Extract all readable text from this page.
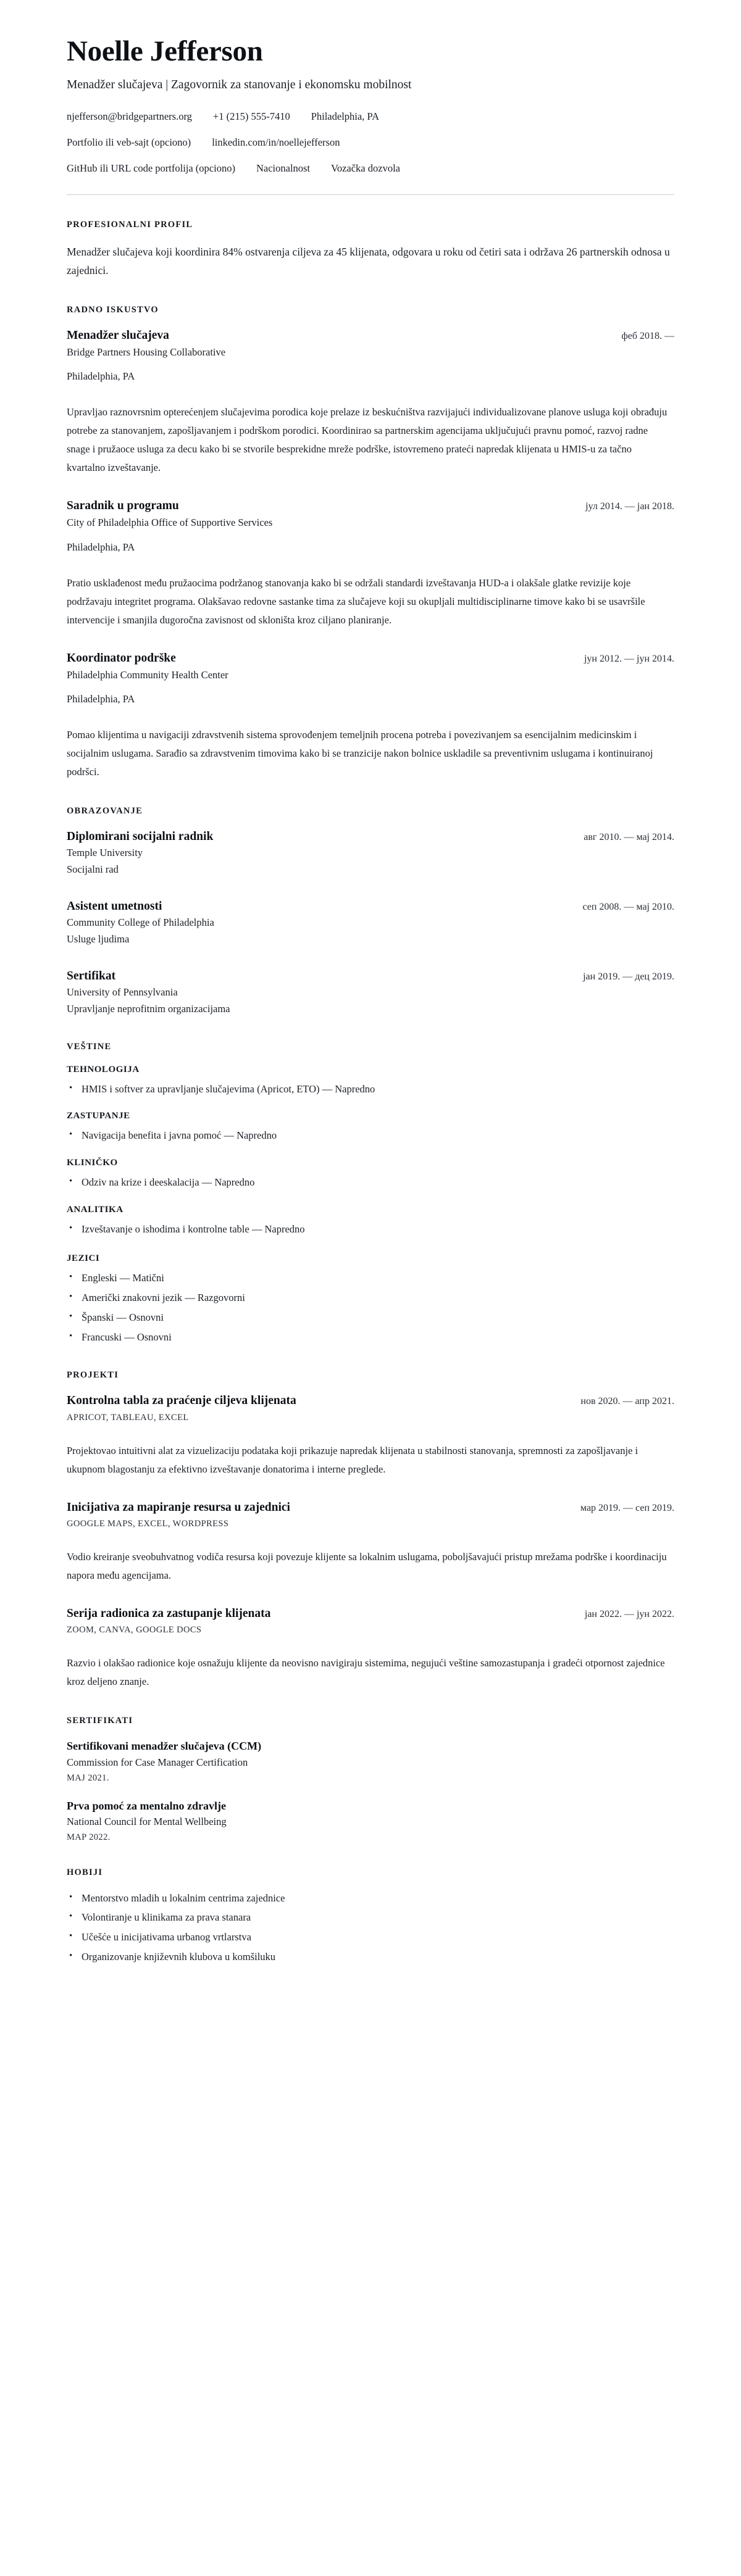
Noelle Jefferson

Menadžer slučajeva | Zagovornik za stanovanje i ekonomsku mobilnost

njefferson@bridgepartners.org +1 (215) 555-7410 Philadelphia, PA
Portfolio ili veb-sajt (opciono) linkedin.com/in/noellejefferson
GitHub ili URL code portfolija (opciono) Nacionalnost Vozačka dozvola
PROFESIONALNI PROFIL

Menadžer slučajeva koji koordinira 84% ostvarenja ciljeva za 45 klijenata, odgovara u roku od četiri sata i održava 26 partnerskih odnosa u zajednici.

RADNO ISKUSTVO
Menadžer slučajeva	феб 2018. —

Bridge Partners Housing Collaborative

Philadelphia, PA

Upravljao raznovrsnim opterećenjem slučajevima porodica koje prelaze iz beskućništva razvijajući individualizovane planove usluga koji obrađuju potrebe za stanovanjem, zapošljavanjem i podrškom porodici. Koordinirao sa partnerskim agencijama uključujući pravnu pomoć, razvoj radne snage i pružaoce usluga za decu kako bi se stvorile besprekidne mreže podrške, istovremeno prateći napredak klijenata u HMIS-u za tačno kvartalno izveštavanje.

Saradnik u programu	јул 2014. — јан 2018.

City of Philadelphia Office of Supportive Services

Philadelphia, PA

Pratio usklađenost među pružaocima podržanog stanovanja kako bi se održali standardi izveštavanja HUD-a i olakšale glatke revizije koje podržavaju integritet programa. Olakšavao redovne sastanke tima za slučajeve koji su okupljali multidisciplinarne timove kako bi se usavršile intervencije i smanjila dugoročna zavisnost od skloništa kroz ciljano planiranje.

Koordinator podrške	јун 2012. — јун 2014.

Philadelphia Community Health Center

Philadelphia, PA

Pomao klijentima u navigaciji zdravstvenih sistema sprovođenjem temeljnih procena potreba i povezivanjem sa esencijalnim medicinskim i socijalnim uslugama. Sarađio sa zdravstvenim timovima kako bi se tranzicije nakon bolnice uskladile sa preventivnim uslugama i kontinuiranoj podršci.

OBRAZOVANJE
Diplomirani socijalni radnik	авг 2010. — мај 2014.

Temple University

Socijalni rad

Asistent umetnosti	сеп 2008. — мај 2010.

Community College of Philadelphia

Usluge ljudima

Sertifikat	јан 2019. — дец 2019.

University of Pennsylvania

Upravljanje neprofitnim organizacijama

VEŠTINE
TEHNOLOGIJA
• HMIS i softver za upravljanje slučajevima (Apricot, ETO) — Napredno
ZASTUPANJE
• Navigacija benefita i javna pomoć — Napredno
KLINIČKO
• Odziv na krize i deeskalacija — Napredno
ANALITIKA
• Izveštavanje o ishodima i kontrolne table — Napredno
JEZICI
• Engleski — Matični
• Američki znakovni jezik — Razgovorni
• Španski — Osnovni
• Francuski — Osnovni
PROJEKTI
Kontrolna tabla za praćenje ciljeva klijenata	нов 2020. — апр 2021.

APRICOT, TABLEAU, EXCEL

Projektovao intuitivni alat za vizuelizaciju podataka koji prikazuje napredak klijenata u stabilnosti stanovanja, spremnosti za zapošljavanje i ukupnom blagostanju za efektivno izveštavanje donatorima i interne preglede.

Inicijativa za mapiranje resursa u zajednici	мар 2019. — сеп 2019.

GOOGLE MAPS, EXCEL, WORDPRESS

Vodio kreiranje sveobuhvatnog vodiča resursa koji povezuje klijente sa lokalnim uslugama, poboljšavajući pristup mrežama podrške i koordinaciju napora među agencijama.

Serija radionica za zastupanje klijenata	јан 2022. — јун 2022.

ZOOM, CANVA, GOOGLE DOCS

Razvio i olakšao radionice koje osnažuju klijente da neovisno navigiraju sistemima, negujući veštine samozastupanja i gradeći otpornost zajednice kroz deljeno znanje.

SERTIFIKATI
Sertifikovani menadžer slučajeva (CCM)

Commission for Case Manager Certification

MAJ 2021.

Prva pomoć za mentalno zdravlje

National Council for Mental Wellbeing

MAP 2022.

HOBIJI
• Mentorstvo mladih u lokalnim centrima zajednice
• Volontiranje u klinikama za prava stanara
• Učešće u inicijativama urbanog vrtlarstva
• Organizovanje književnih klubova u komšiluku
